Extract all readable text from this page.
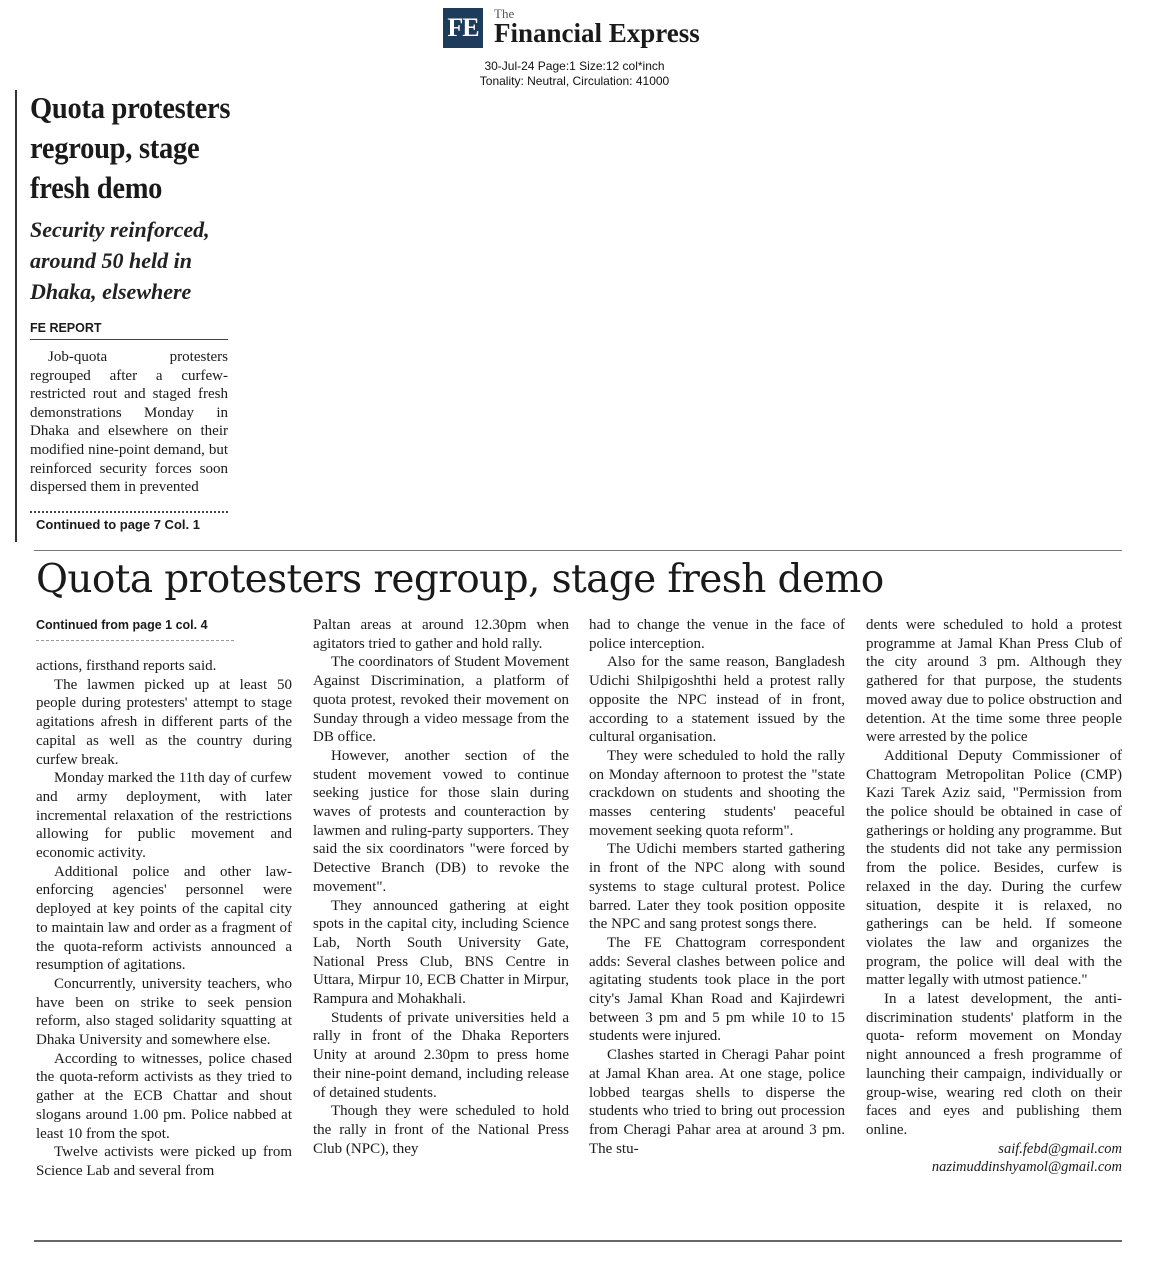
FE	The
Financial Express
30-Jul-24 Page:1 Size:12 col*inch
Tonality: Neutral, Circulation: 41000
Quota protesters
regroup, stage
fresh demo
Security reinforced, around 50 held in Dhaka, elsewhere
FE REPORT
Job-quota protesters regrouped after a curfew-restricted rout and staged fresh demonstrations Monday in Dhaka and elsewhere on their modified nine-point demand, but reinforced security forces soon dispersed them in prevented
Continued to page 7 Col. 1
Quota protesters regroup, stage fresh demo
Continued from page 1 col. 4

actions, firsthand reports said.

The lawmen picked up at least 50 people during protesters' attempt to stage agitations afresh in different parts of the capital as well as the country during curfew break.

Monday marked the 11th day of curfew and army deployment, with later incremental relaxation of the restrictions allowing for public movement and economic activity.

Additional police and other law-enforcing agencies' personnel were deployed at key points of the capital city to maintain law and order as a fragment of the quota-reform activists announced a resumption of agitations.

Concurrently, university teachers, who have been on strike to seek pension reform, also staged solidarity squatting at Dhaka University and somewhere else.

According to witnesses, police chased the quota-reform activists as they tried to gather at the ECB Chattar and shout slogans around 1.00 pm. Police nabbed at least 10 from the spot.

Twelve activists were picked up from Science Lab and several from

Paltan areas at around 12.30pm when agitators tried to gather and hold rally.

The coordinators of Student Movement Against Discrimination, a platform of quota protest, revoked their movement on Sunday through a video message from the DB office.

However, another section of the student movement vowed to continue seeking justice for those slain during waves of protests and counteraction by lawmen and ruling-party supporters. They said the six coordinators "were forced by Detective Branch (DB) to revoke the movement".

They announced gathering at eight spots in the capital city, including Science Lab, North South University Gate, National Press Club, BNS Centre in Uttara, Mirpur 10, ECB Chatter in Mirpur, Rampura and Mohakhali.

Students of private universities held a rally in front of the Dhaka Reporters Unity at around 2.30pm to press home their nine-point demand, including release of detained students.

Though they were scheduled to hold the rally in front of the National Press Club (NPC), they

had to change the venue in the face of police interception.

Also for the same reason, Bangladesh Udichi Shilpigoshthi held a protest rally opposite the NPC instead of in front, according to a statement issued by the cultural organisation.

They were scheduled to hold the rally on Monday afternoon to protest the "state crackdown on students and shooting the masses centering students' peaceful movement seeking quota reform".

The Udichi members started gathering in front of the NPC along with sound systems to stage cultural protest. Police barred. Later they took position opposite the NPC and sang protest songs there.

The FE Chattogram correspondent adds: Several clashes between police and agitating students took place in the port city's Jamal Khan Road and Kajirdewri between 3 pm and 5 pm while 10 to 15 students were injured.

Clashes started in Cheragi Pahar point at Jamal Khan area. At one stage, police lobbed teargas shells to disperse the students who tried to bring out procession from Cheragi Pahar area at around 3 pm. The stu-

dents were scheduled to hold a protest programme at Jamal Khan Press Club of the city around 3 pm. Although they gathered for that purpose, the students moved away due to police obstruction and detention. At the time some three people were arrested by the police

Additional Deputy Commissioner of Chattogram Metropolitan Police (CMP) Kazi Tarek Aziz said, "Permission from the police should be obtained in case of gatherings or holding any programme. But the students did not take any permission from the police. Besides, curfew is relaxed in the day. During the curfew situation, despite it is relaxed, no gatherings can be held. If someone violates the law and organizes the program, the police will deal with the matter legally with utmost patience."

In a latest development, the anti-discrimination students' platform in the quota- reform movement on Monday night announced a fresh programme of launching their campaign, individually or group-wise, wearing red cloth on their faces and eyes and publishing them online.

saif.febd@gmail.com
nazimuddinshyamol@gmail.com
